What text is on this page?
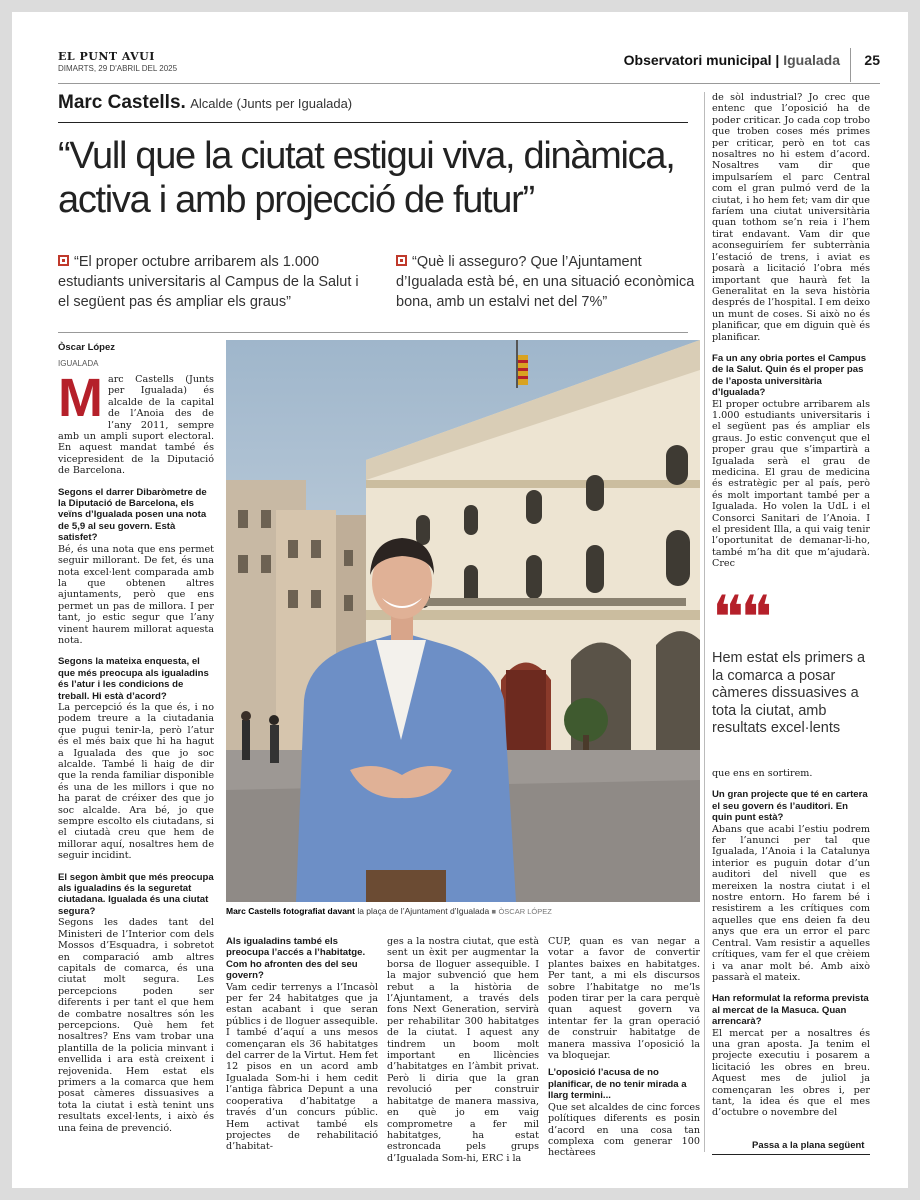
EL PUNT AVUI
DIMARTS, 29 D'ABRIL DEL 2025
Observatori municipal | Igualada	25
Marc Castells. Alcalde (Junts per Igualada)
“Vull que la ciutat estigui viva, dinàmica, activa i amb projecció de futur”
“El proper octubre arribarem als 1.000 estudiants universitaris al Campus de la Salut i el següent pas és ampliar els graus”
“Què li asseguro? Que l’Ajuntament d’Igualada està bé, en una situació econòmica bona, amb un estalvi net del 7%”
Òscar López
IGUALADA

Marc Castells (Junts per Igualada) és alcalde de la capital de l’Anoia des de l’any 2011, sempre amb un ampli suport electoral. En aquest mandat també és vicepresident de la Diputació de Barcelona.

Segons el darrer Dibaròmetre de la Diputació de Barcelona, els veïns d’Igualada posen una nota de 5,9 al seu govern. Està satisfet?

Bé, és una nota que ens permet seguir millorant. De fet, és una nota excel·lent comparada amb la que obtenen altres ajuntaments, però que ens permet un pas de millora. I per tant, jo estic segur que l’any vinent haurem millorat aquesta nota.

Segons la mateixa enquesta, el que més preocupa als igualadins és l’atur i les condicions de treball. Hi està d’acord?

La percepció és la que és, i no podem treure a la ciutadania que pugui tenir-la, però l’atur és el més baix que hi ha hagut a Igualada des que jo soc alcalde. També li haig de dir que la renda familiar disponible és una de les millors i que no ha parat de créixer des que jo soc alcalde. Ara bé, jo que sempre escolto els ciutadans, si el ciutadà creu que hem de millorar aquí, nosaltres hem de seguir incidint.

El segon àmbit que més preocupa als igualadins és la seguretat ciutadana. Igualada és una ciutat segura?

Segons les dades tant del Ministeri de l’Interior com dels Mossos d’Esquadra, i sobretot en comparació amb altres capitals de comarca, és una ciutat molt segura. Les percepcions poden ser diferents i per tant el que hem de combatre nosaltres són les percepcions. Què hem fet nosaltres? Ens vam trobar una plantilla de la policia minvant i envellida i ara està creixent i rejovenida. Hem estat els primers a la comarca que hem posat càmeres dissuasives a tota la ciutat i està tenint uns resultats excel·lents, i això és una feina de prevenció.

Marc Castells fotografiat davant la plaça de l’Ajuntament d’Igualada ■ ÒSCAR LÓPEZ

Als igualadins també els preocupa l’accés a l’habitatge. Com ho afronten des del seu govern?

Vam cedir terrenys a l’Incasòl per fer 24 habitatges que ja estan acabant i que seran públics i de lloguer assequible. I també d’aquí a uns mesos començaran els 36 habitatges del carrer de la Virtut. Hem fet 12 pisos en un acord amb Igualada Som-hi i hem cedit l’antiga fàbrica Depunt a una cooperativa d’habitatge a través d’un concurs públic. Hem activat també els projectes de rehabilitació d’habitat-

ges a la nostra ciutat, que està sent un èxit per augmentar la borsa de lloguer assequible. I la major subvenció que hem rebut a la història de l’Ajuntament, a través dels fons Next Generation, servirà per rehabilitar 300 habitatges de la ciutat. I aquest any tindrem un boom molt important en llicències d’habitatges en l’àmbit privat. Però li diria que la gran revolució per construir habitatge de manera massiva, en què jo em vaig comprometre a fer mil habitatges, ha estat estroncada pels grups d’Igualada Som-hi, ERC i la

CUP, quan es van negar a votar a favor de convertir plantes baixes en habitatges. Per tant, a mi els discursos sobre l’habitatge no me’ls poden tirar per la cara perquè quan aquest govern va intentar fer la gran operació de construir habitatge de manera massiva l’oposició la va bloquejar.

L’oposició l’acusa de no planificar, de no tenir mirada a llarg termini...

Que set alcaldes de cinc forces polítiques diferents es posin d’acord en una cosa tan complexa com generar 100 hectàrees

de sòl industrial? Jo crec que entenc que l’oposició ha de poder criticar. Jo cada cop trobo que troben coses més primes per criticar, però en tot cas nosaltres no hi estem d’acord. Nosaltres vam dir que impulsaríem el parc Central com el gran pulmó verd de la ciutat, i ho hem fet; vam dir que faríem una ciutat universitària quan tothom se’n reia i l’hem tirat endavant. Vam dir que aconseguiríem fer subterrània l’estació de trens, i aviat es posarà a licitació l’obra més important que haurà fet la Generalitat en la seva història després de l’hospital. I em deixo un munt de coses. Si això no és planificar, que em diguin què és planificar.

Fa un any obria portes el Campus de la Salut. Quin és el proper pas de l’aposta universitària d’Igualada?

El proper octubre arribarem als 1.000 estudiants universitaris i el següent pas és ampliar els graus. Jo estic convençut que el proper grau que s’impartirà a Igualada serà el grau de medicina. El grau de medicina és estratègic per al país, però és molt important també per a Igualada. Ho volen la UdL i el Consorci Sanitari de l’Anoia. I el president Illa, a qui vaig tenir l’oportunitat de demanar-li-ho, també m’ha dit que m’ajudarà. Crec

❝❝
Hem estat els primers a la comarca a posar càmeres dissuasives a tota la ciutat, amb resultats excel·lents

que ens en sortirem.

Un gran projecte que té en cartera el seu govern és l’auditori. En quin punt està?

Abans que acabi l’estiu podrem fer l’anunci per tal que Igualada, l’Anoia i la Catalunya interior es puguin dotar d’un auditori del nivell que es mereixen la nostra ciutat i el nostre entorn. Ho farem bé i resistirem a les crítiques com aquelles que ens deien fa deu anys que era un error el parc Central. Vam resistir a aquelles crítiques, vam fer el que crèiem i va anar molt bé. Amb això passarà el mateix.

Han reformulat la reforma prevista al mercat de la Masuca. Quan arrencarà?

El mercat per a nosaltres és una gran aposta. Ja tenim el projecte executiu i posarem a licitació les obres en breu. Aquest mes de juliol ja començaran les obres i, per tant, la idea és que el mes d’octubre o novembre del

Passa a la plana següent
